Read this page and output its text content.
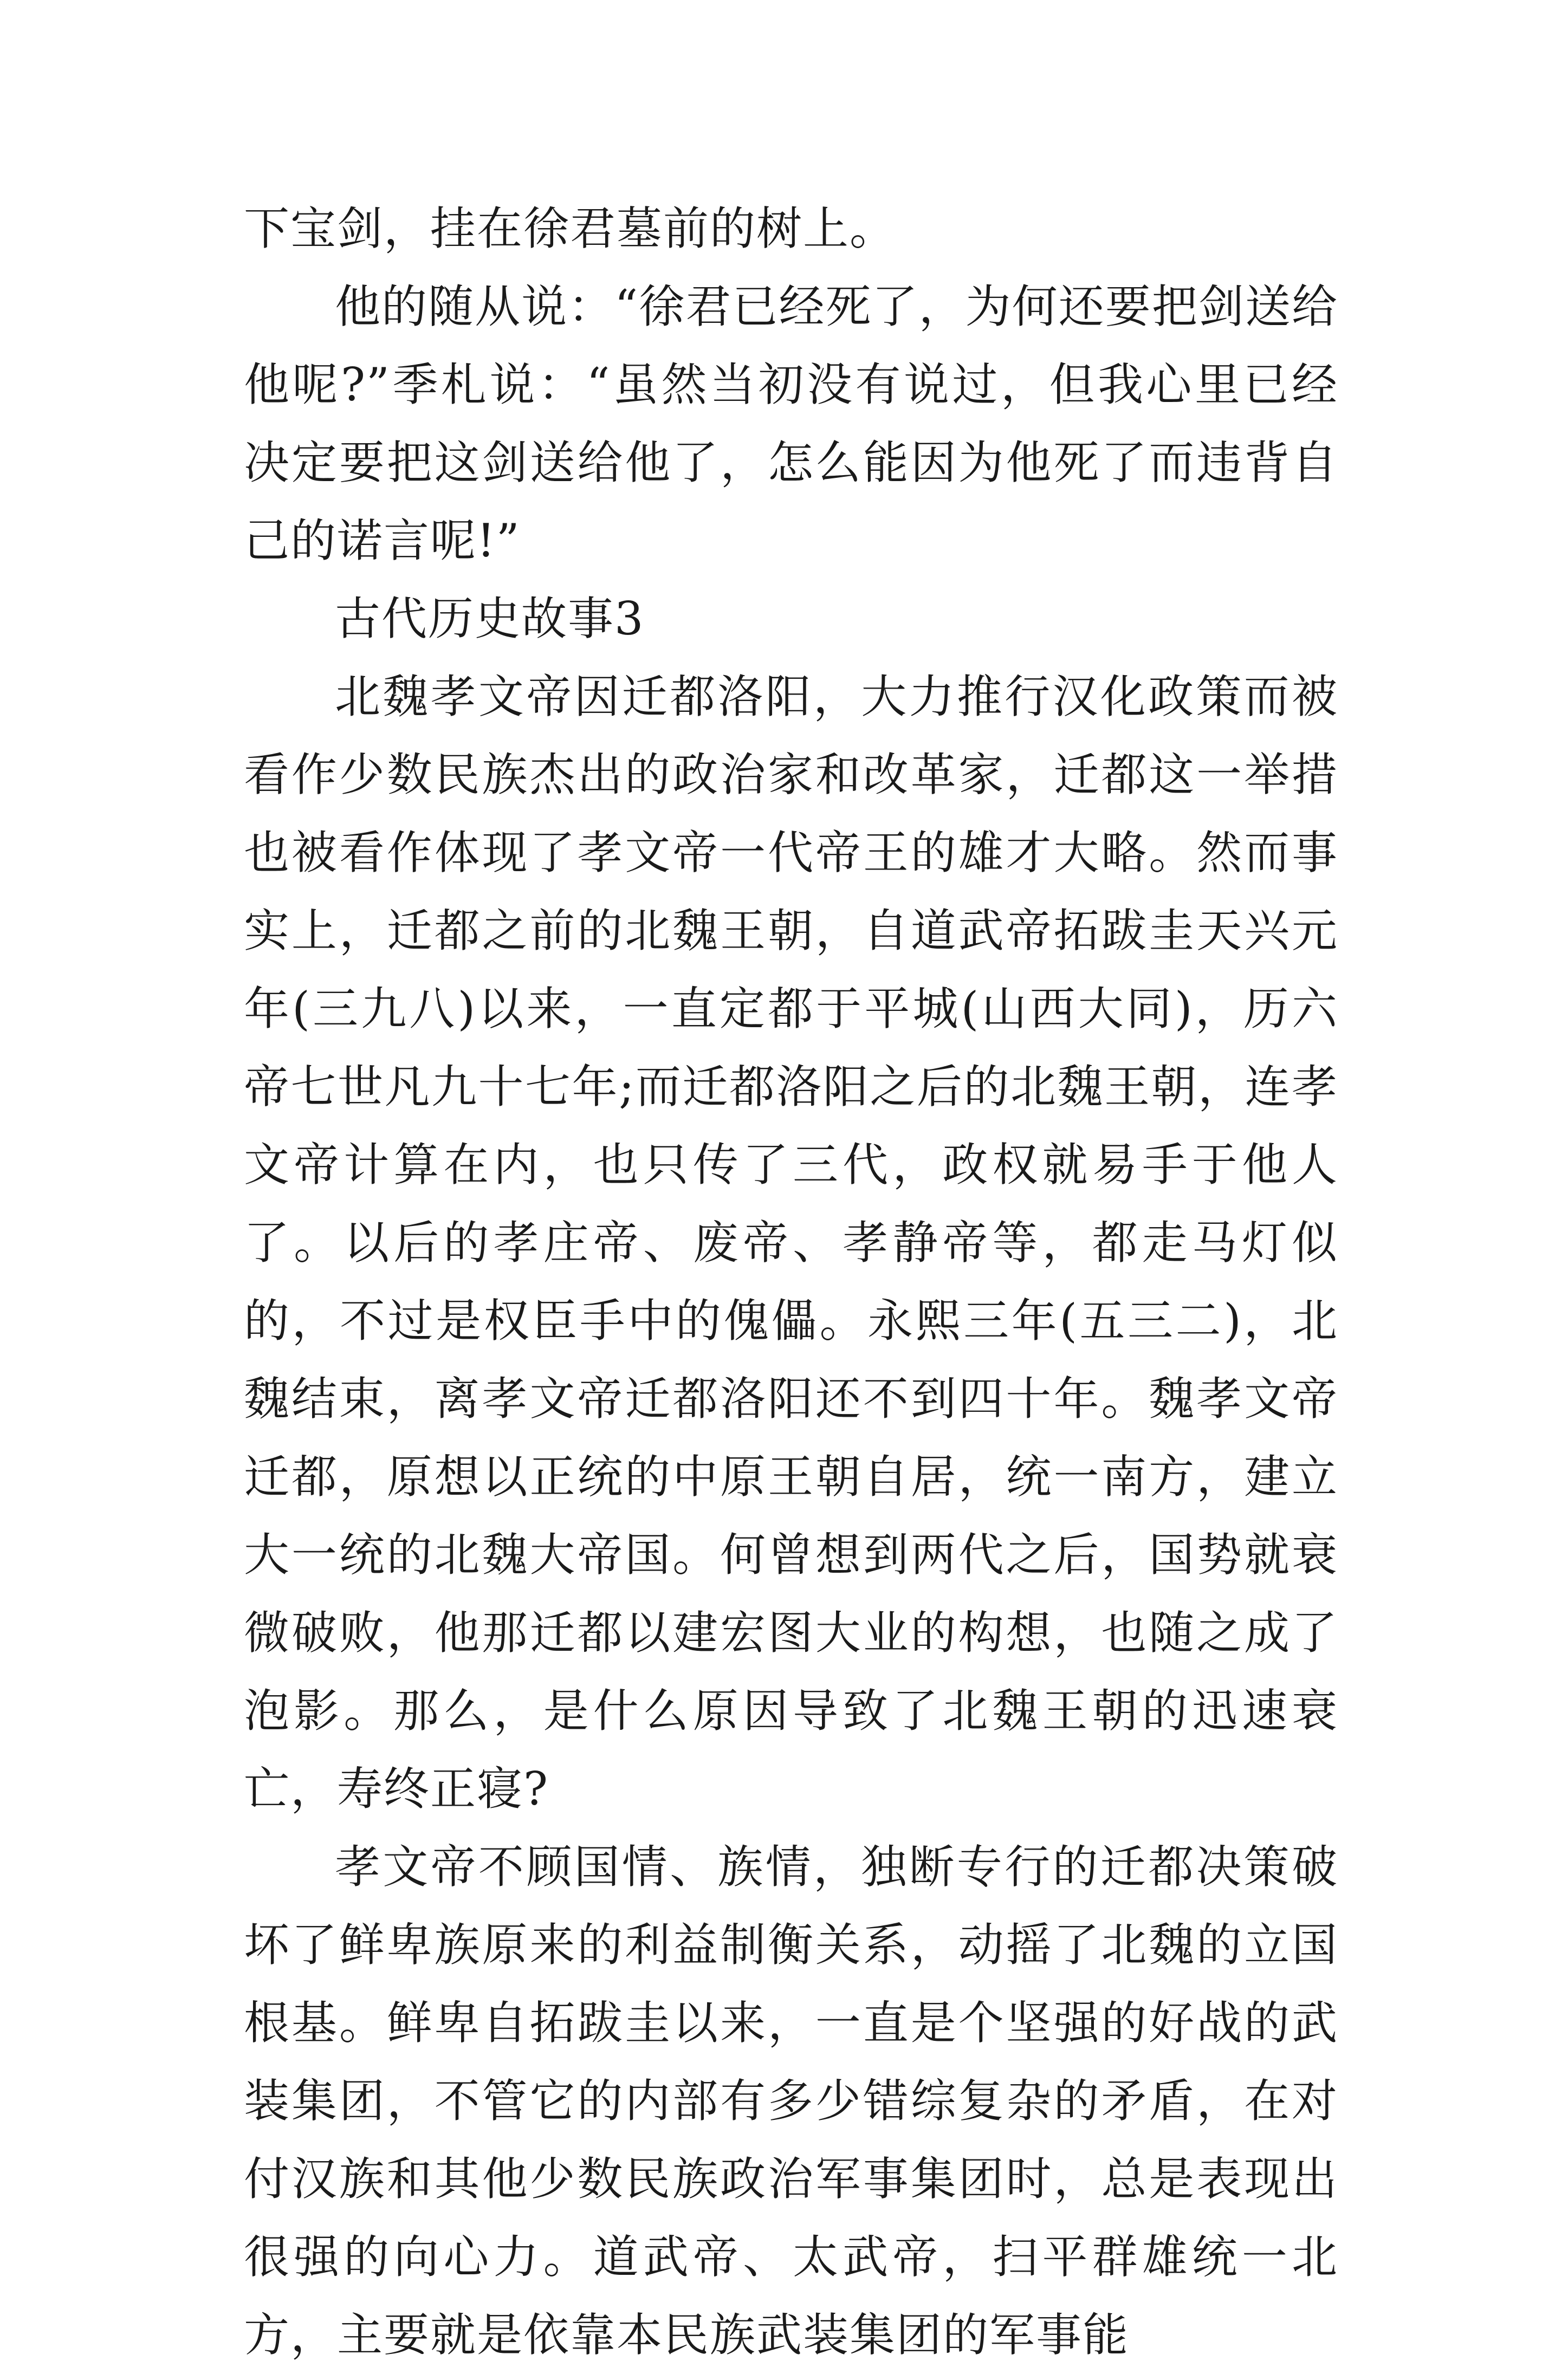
下宝剑，挂在徐君墓前的树上。

他的随从说：“徐君已经死了，为何还要把剑送给他呢?”季札说：“虽然当初没有说过，但我心里已经决定要把这剑送给他了，怎么能因为他死了而违背自己的诺言呢!”

古代历史故事3

北魏孝文帝因迁都洛阳，大力推行汉化政策而被看作少数民族杰出的政治家和改革家，迁都这一举措也被看作体现了孝文帝一代帝王的雄才大略。然而事实上，迁都之前的北魏王朝，自道武帝拓跋圭天兴元年(三九八)以来，一直定都于平城(山西大同)，历六帝七世凡九十七年;而迁都洛阳之后的北魏王朝，连孝文帝计算在内，也只传了三代，政权就易手于他人了。以后的孝庄帝、废帝、孝静帝等，都走马灯似的，不过是权臣手中的傀儡。永熙三年(五三二)，北魏结束，离孝文帝迁都洛阳还不到四十年。魏孝文帝迁都，原想以正统的中原王朝自居，统一南方，建立大一统的北魏大帝国。何曾想到两代之后，国势就衰微破败，他那迁都以建宏图大业的构想，也随之成了泡影。那么，是什么原因导致了北魏王朝的迅速衰亡，寿终正寝?

孝文帝不顾国情、族情，独断专行的迁都决策破坏了鲜卑族原来的利益制衡关系，动摇了北魏的立国根基。鲜卑自拓跋圭以来，一直是个坚强的好战的武装集团，不管它的内部有多少错综复杂的矛盾，在对付汉族和其他少数民族政治军事集团时，总是表现出很强的向心力。道武帝、太武帝，扫平群雄统一北方，主要就是依靠本民族武装集团的军事能
